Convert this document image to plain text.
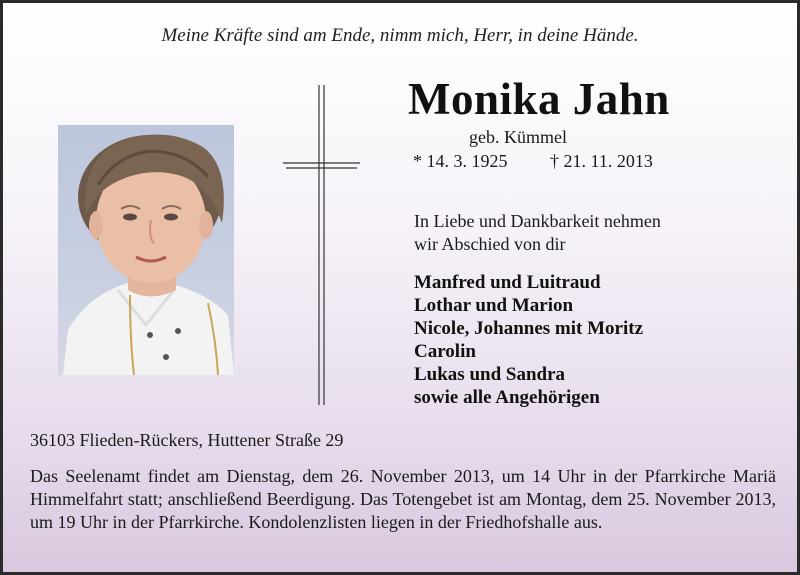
Meine Kräfte sind am Ende, nimm mich, Herr, in deine Hände.
Monika Jahn
geb. Kümmel
* 14. 3. 1925 † 21. 11. 2013
In Liebe und Dankbarkeit nehmen
wir Abschied von dir
Manfred und Luitraud
Lothar und Marion
Nicole, Johannes mit Moritz
Carolin
Lukas und Sandra
sowie alle Angehörigen
36103 Flieden-Rückers, Huttener Straße 29
Das Seelenamt findet am Dienstag, dem 26. November 2013, um 14 Uhr in der Pfarrkirche Mariä Himmelfahrt statt; anschließend Beerdigung. Das Totengebet ist am Montag, dem 25. November 2013, um 19 Uhr in der Pfarrkirche. Kondolenzlisten liegen in der Friedhofshalle aus.
